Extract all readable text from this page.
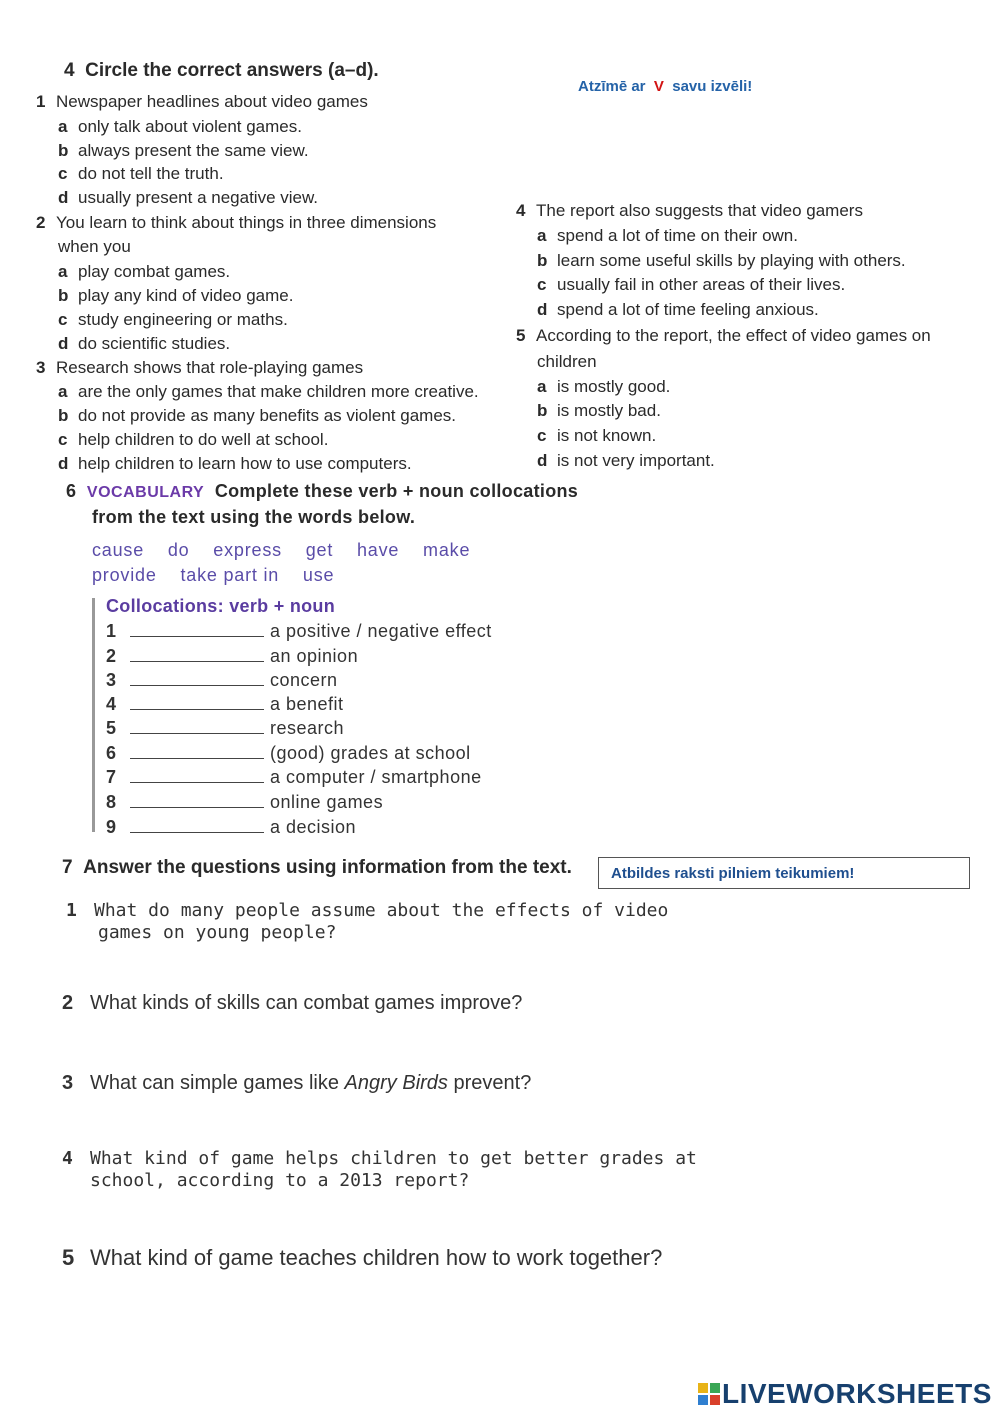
4 Circle the correct answers (a–d).
Atzīmē ar V savu izvēli!
1 Newspaper headlines about video games
a only talk about violent games.
b always present the same view.
c do not tell the truth.
d usually present a negative view.
2 You learn to think about things in three dimensions
when you
a play combat games.
b play any kind of video game.
c study engineering or maths.
d do scientific studies.
3 Research shows that role-playing games
a are the only games that make children more creative.
b do not provide as many benefits as violent games.
c help children to do well at school.
d help children to learn how to use computers.
4 The report also suggests that video gamers
a spend a lot of time on their own.
b learn some useful skills by playing with others.
c usually fail in other areas of their lives.
d spend a lot of time feeling anxious.
5 According to the report, the effect of video games on
children
a is mostly good.
b is mostly bad.
c is not known.
d is not very important.
6 VOCABULARY Complete these verb + noun collocations
from the text using the words below.
cause do express get have make
provide take part in use
Collocations: verb + noun
1	a positive / negative effect
2	an opinion
3	concern
4	a benefit
5	research
6	(good) grades at school
7	a computer / smartphone
8	online games
9	a decision
7 Answer the questions using information from the text.	Atbildes raksti pilniem teikumiem!
1 What do many people assume about the effects of video
games on young people?
2 What kinds of skills can combat games improve?
3 What can simple games like Angry Birds prevent?
4 What kind of game helps children to get better grades at
school, according to a 2013 report?
5 What kind of game teaches children how to work together?
LIVEWORKSHEETS
